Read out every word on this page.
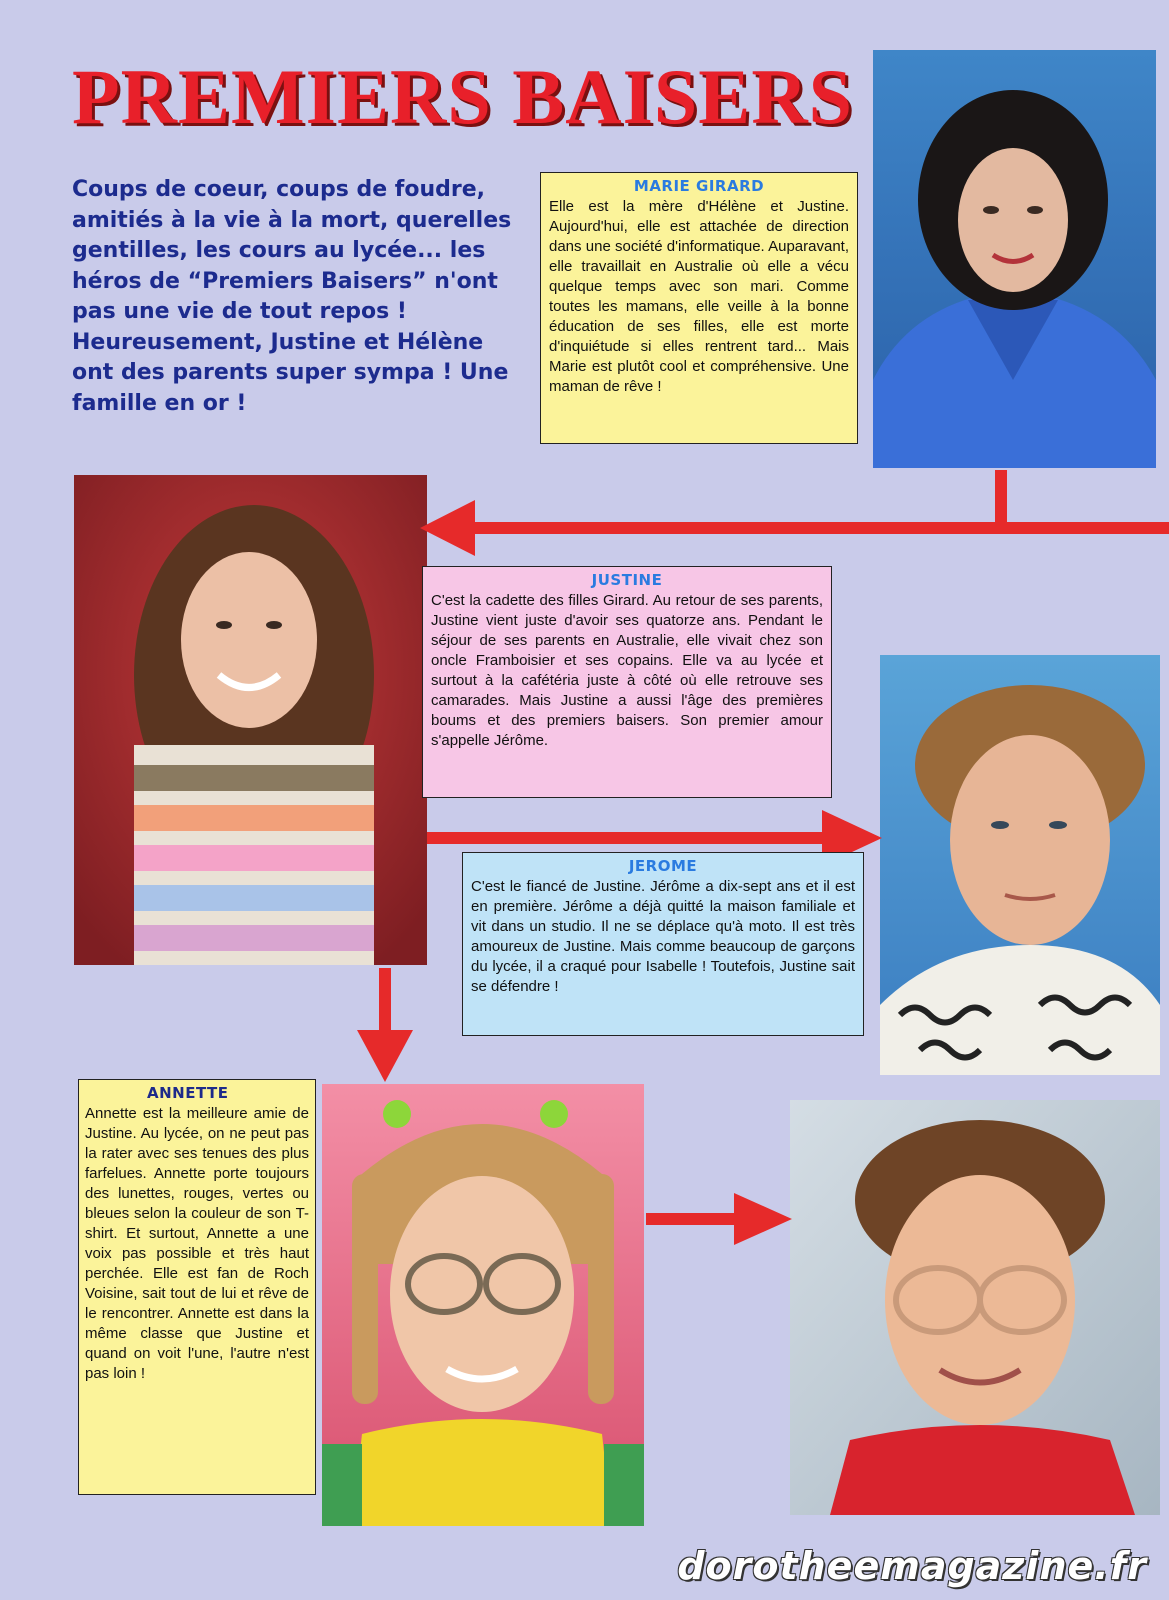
PREMIERS BAISERS

Coups de coeur, coups de foudre, amitiés à la vie à la mort, querelles gentilles, les cours au lycée... les héros de “Premiers Baisers” n'ont pas une vie de tout repos ! Heureusement, Justine et Hélène ont des parents super sympa ! Une famille en or !

MARIE GIRARD

Elle est la mère d'Hélène et Justine. Aujourd'hui, elle est attachée de direction dans une société d'informatique. Auparavant, elle travaillait en Australie où elle a vécu quelque temps avec son mari. Comme toutes les mamans, elle veille à la bonne éducation de ses filles, elle est morte d'inquiétude si elles rentrent tard... Mais Marie est plutôt cool et compréhensive. Une maman de rêve !

JUSTINE

C'est la cadette des filles Girard. Au retour de ses parents, Justine vient juste d'avoir ses quatorze ans. Pendant le séjour de ses parents en Australie, elle vivait chez son oncle Framboisier et ses copains. Elle va au lycée et surtout à la cafétéria juste à côté où elle retrouve ses camarades. Mais Justine a aussi l'âge des premières boums et des premiers baisers. Son premier amour s'appelle Jérôme.

JEROME

C'est le fiancé de Justine. Jérôme a dix-sept ans et il est en première. Jérôme a déjà quitté la maison familiale et vit dans un studio. Il ne se déplace qu'à moto. Il est très amoureux de Justine. Mais comme beaucoup de garçons du lycée, il a craqué pour Isabelle ! Toutefois, Justine sait se défendre !

ANNETTE

Annette est la meilleure amie de Justine. Au lycée, on ne peut pas la rater avec ses tenues des plus farfelues. Annette porte toujours des lunettes, rouges, vertes ou bleues selon la couleur de son T-shirt. Et surtout, Annette a une voix pas possible et très haut perchée. Elle est fan de Roch Voisine, sait tout de lui et rêve de le rencontrer. Annette est dans la même classe que Justine et quand on voit l'une, l'autre n'est pas loin !

dorotheemagazine.fr
